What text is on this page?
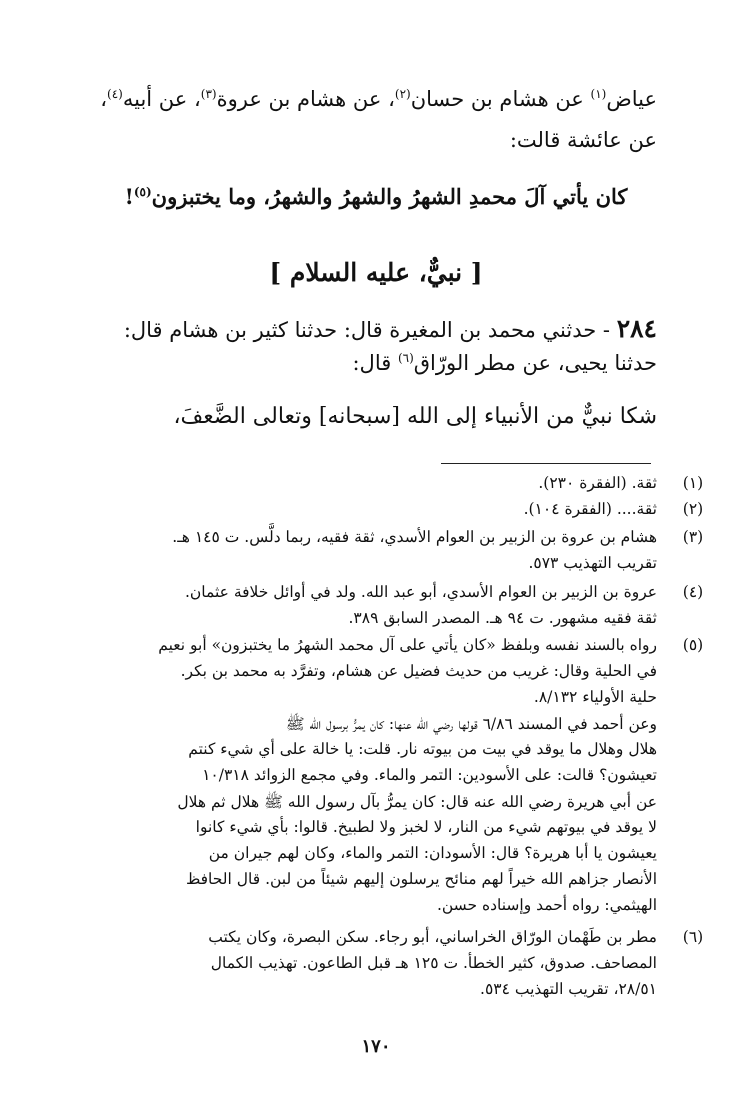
عياض$^{(١)}$ عن هشام بن حسان$^{(٢)}$، عن هشام بن عروة$^{(٣)}$، عن أبيه$^{(٤)}$،
عن عائشة قالت:
كان يأتي آلَ محمدِ الشهرُ والشهرُ والشهرُ، وما يختبزون$^{(٥)}$!
[ نبيٌّ، عليه السلام ]
٢٨٤ - حدثني محمد بن المغيرة قال: حدثنا كثير بن هشام قال:
حدثنا يحيى، عن مطر الورّاق$^{(٦)}$ قال:
شكا نبيٌّ من الأنبياء إلى الله [سبحانه] وتعالى الضَّعفَ،
(١)
ثقة. (الفقرة ٢٣٠).
(٢)
ثقة.... (الفقرة ١٠٤).
(٣)
هشام بن عروة بن الزبير بن العوام الأسدي، ثقة فقيه، ربما دلَّس. ت ١٤٥ هـ.
تقريب التهذيب ٥٧٣.
(٤)
عروة بن الزبير بن العوام الأسدي، أبو عبد الله. ولد في أوائل خلافة عثمان.
ثقة فقيه مشهور. ت ٩٤ هـ. المصدر السابق ٣٨٩.
(٥)
رواه بالسند نفسه وبلفظ «كان يأتي على آل محمد الشهرُ ما يختبزون» أبو نعيم
في الحلية وقال: غريب من حديث فضيل عن هشام، وتفرَّد به محمد بن بكر.
حلية الأولياء ٨/١٣٢.
وعن أحمد في المسند ٦/٨٦ قولها رضي الله عنها: كان يمرُّ برسول الله ﷺ
هلال وهلال ما يوقد في بيت من بيوته نار. قلت: يا خالة على أي شيء كنتم
تعيشون؟ قالت: على الأسودين: التمر والماء. وفي مجمع الزوائد ١٠/٣١٨
عن أبي هريرة رضي الله عنه قال: كان يمرُّ بآل رسول الله ﷺ هلال ثم هلال
لا يوقد في بيوتهم شيء من النار، لا لخبز ولا لطبيخ. قالوا: بأي شيء كانوا
يعيشون يا أبا هريرة؟ قال: الأسودان: التمر والماء، وكان لهم جيران من
الأنصار جزاهم الله خيراً لهم منائح يرسلون إليهم شيئاً من لبن. قال الحافظ
الهيثمي: رواه أحمد وإسناده حسن.
(٦)
مطر بن طَهْمان الورّاق الخراساني، أبو رجاء. سكن البصرة، وكان يكتب
المصاحف. صدوق، كثير الخطأ. ت ١٢٥ هـ قبل الطاعون. تهذيب الكمال
٢٨/٥١، تقريب التهذيب ٥٣٤.
١٧٠
